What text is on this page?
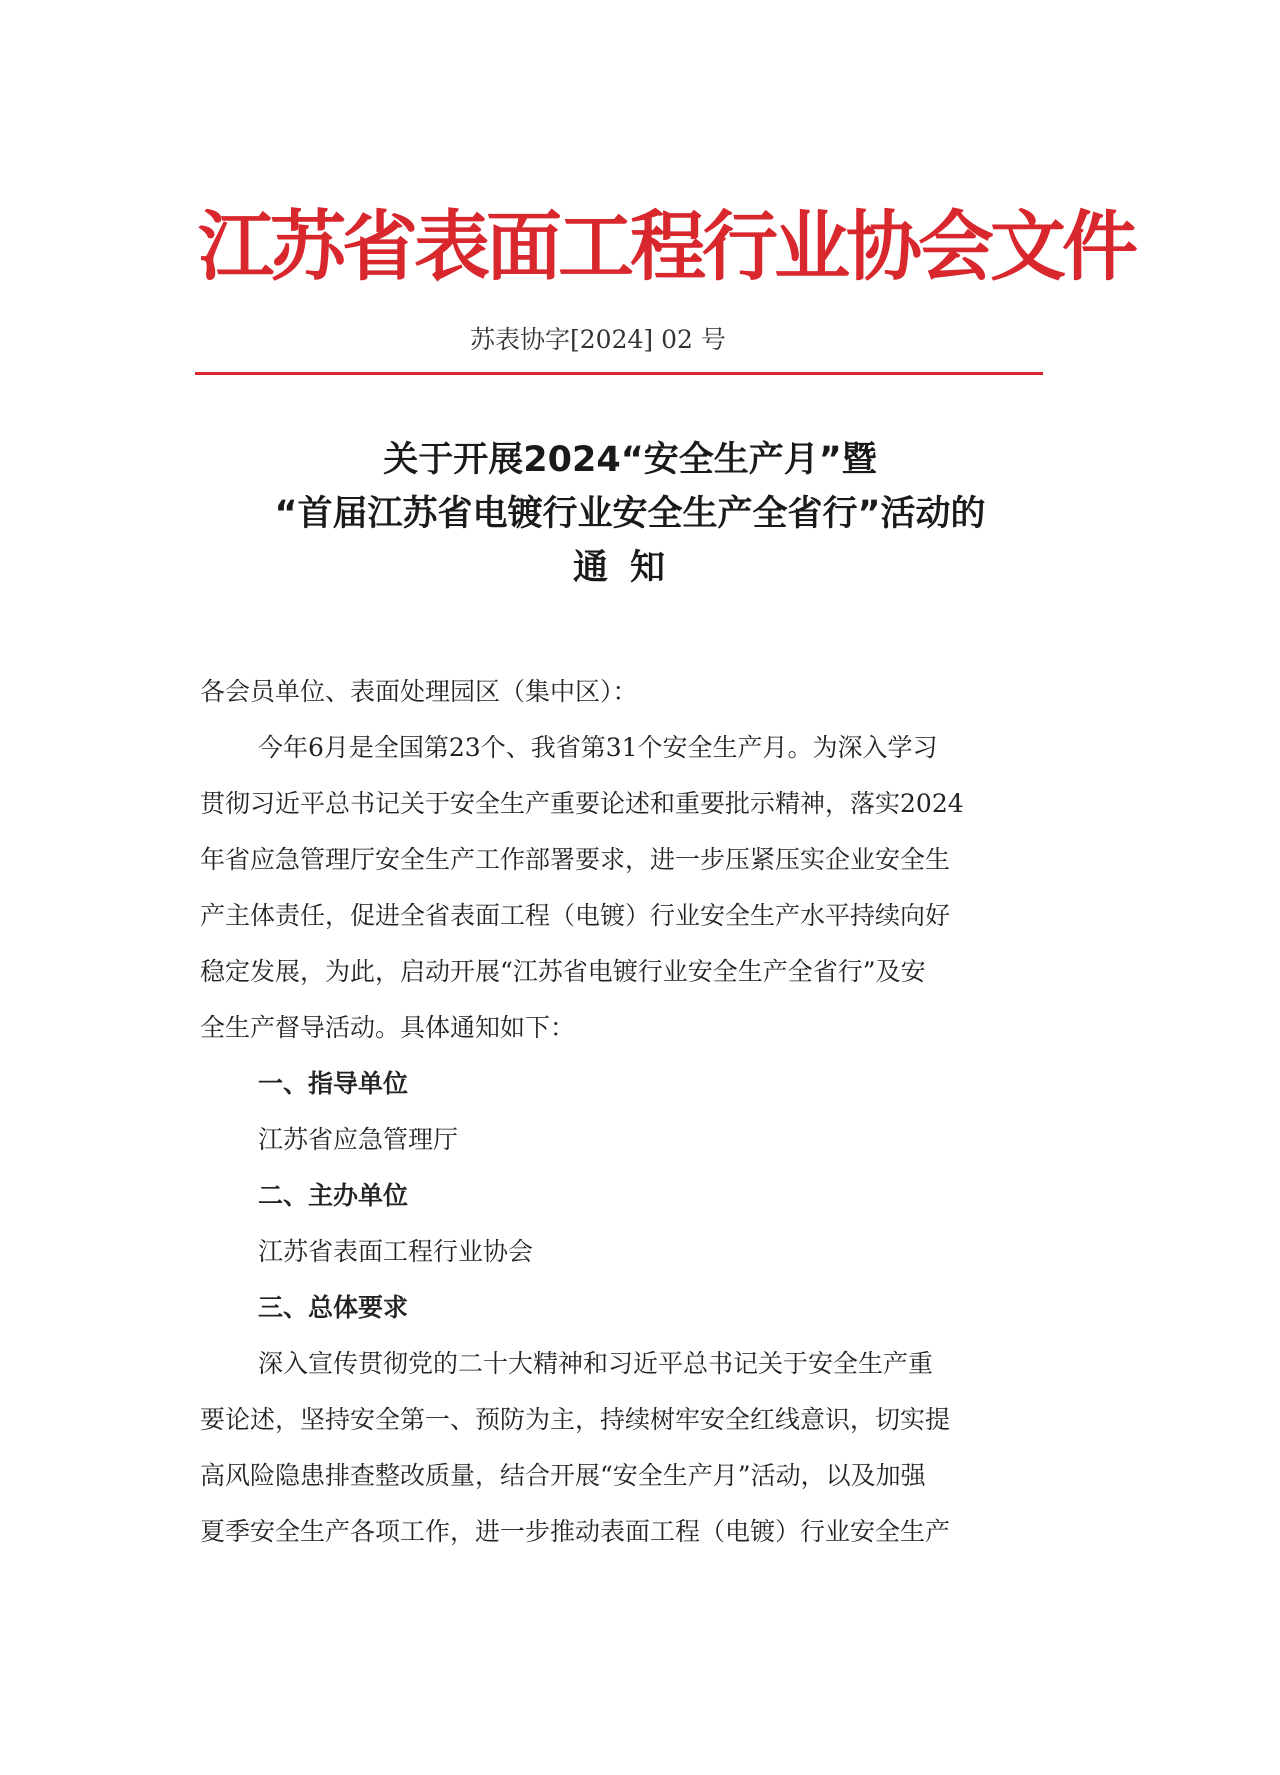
江苏省表面工程行业协会文件
苏表协字[2024] 02 号
关于开展2024“安全生产月”暨
“首届江苏省电镀行业安全生产全省行”活动的
通知
各会员单位、表面处理园区（集中区）：
今年6月是全国第23个、我省第31个安全生产月。为深入学习
贯彻习近平总书记关于安全生产重要论述和重要批示精神，落实2024
年省应急管理厅安全生产工作部署要求，进一步压紧压实企业安全生
产主体责任，促进全省表面工程（电镀）行业安全生产水平持续向好
稳定发展，为此，启动开展“江苏省电镀行业安全生产全省行”及安
全生产督导活动。具体通知如下：
一、指导单位
江苏省应急管理厅
二、主办单位
江苏省表面工程行业协会
三、总体要求
深入宣传贯彻党的二十大精神和习近平总书记关于安全生产重
要论述，坚持安全第一、预防为主，持续树牢安全红线意识，切实提
高风险隐患排查整改质量，结合开展“安全生产月”活动，以及加强
夏季安全生产各项工作，进一步推动表面工程（电镀）行业安全生产
